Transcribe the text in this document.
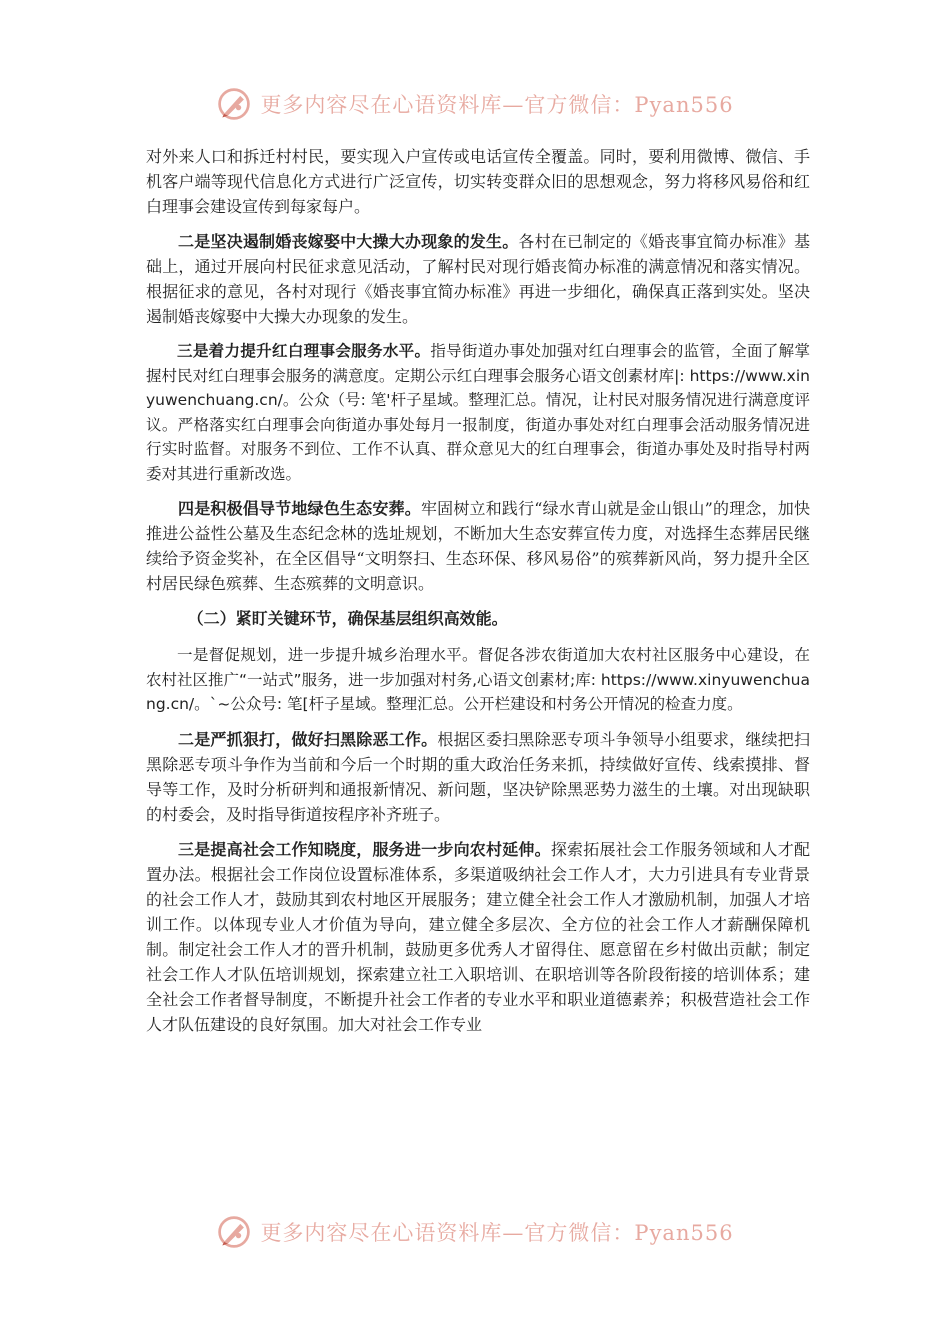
更多内容尽在心语资料库—官方微信：Pyan556

对外来人口和拆迁村村民，要实现入户宣传或电话宣传全覆盖。同时，要利用微博、微信、手机客户端等现代信息化方式进行广泛宣传，切实转变群众旧的思想观念，努力将移风易俗和红白理事会建设宣传到每家每户。

二是坚决遏制婚丧嫁娶中大操大办现象的发生。各村在已制定的《婚丧事宜简办标准》基础上，通过开展向村民征求意见活动，了解村民对现行婚丧简办标准的满意情况和落实情况。根据征求的意见，各村对现行《婚丧事宜简办标准》再进一步细化，确保真正落到实处。坚决遏制婚丧嫁娶中大操大办现象的发生。

三是着力提升红白理事会服务水平。指导街道办事处加强对红白理事会的监管，全面了解掌握村民对红白理事会服务的满意度。定期公示红白理事会服务心语文创素材库|: https://www.xinyuwenchuang.cn/。公众（号: 笔'杆子星域。整理汇总。情况，让村民对服务情况进行满意度评议。严格落实红白理事会向街道办事处每月一报制度，街道办事处对红白理事会活动服务情况进行实时监督。对服务不到位、工作不认真、群众意见大的红白理事会，街道办事处及时指导村两委对其进行重新改选。

四是积极倡导节地绿色生态安葬。牢固树立和践行“绿水青山就是金山银山”的理念，加快推进公益性公墓及生态纪念林的选址规划，不断加大生态安葬宣传力度，对选择生态葬居民继续给予资金奖补，在全区倡导“文明祭扫、生态环保、移风易俗”的殡葬新风尚，努力提升全区村居民绿色殡葬、生态殡葬的文明意识。

（二）紧盯关键环节，确保基层组织高效能。

一是督促规划，进一步提升城乡治理水平。督促各涉农街道加大农村社区服务中心建设，在农村社区推广“一站式”服务，进一步加强对村务,心语文创素材;库: https://www.xinyuwenchuang.cn/。`~公众号: 笔[杆子星域。整理汇总。公开栏建设和村务公开情况的检查力度。

二是严抓狠打，做好扫黑除恶工作。根据区委扫黑除恶专项斗争领导小组要求，继续把扫黑除恶专项斗争作为当前和今后一个时期的重大政治任务来抓，持续做好宣传、线索摸排、督导等工作，及时分析研判和通报新情况、新问题，坚决铲除黑恶势力滋生的土壤。对出现缺职的村委会，及时指导街道按程序补齐班子。

三是提高社会工作知晓度，服务进一步向农村延伸。探索拓展社会工作服务领域和人才配置办法。根据社会工作岗位设置标准体系，多渠道吸纳社会工作人才，大力引进具有专业背景的社会工作人才，鼓励其到农村地区开展服务；建立健全社会工作人才激励机制，加强人才培训工作。以体现专业人才价值为导向，建立健全多层次、全方位的社会工作人才薪酬保障机制。制定社会工作人才的晋升机制，鼓励更多优秀人才留得住、愿意留在乡村做出贡献；制定社会工作人才队伍培训规划，探索建立社工入职培训、在职培训等各阶段衔接的培训体系；建全社会工作者督导制度，不断提升社会工作者的专业水平和职业道德素养；积极营造社会工作人才队伍建设的良好氛围。加大对社会工作专业

更多内容尽在心语资料库—官方微信：Pyan556
